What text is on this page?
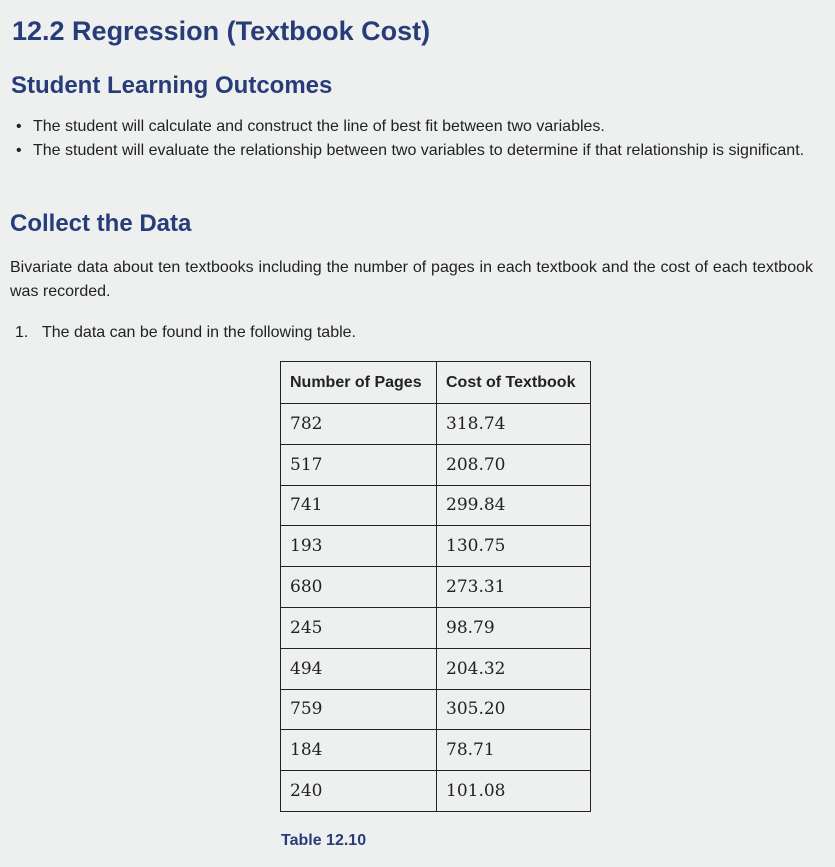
12.2 Regression (Textbook Cost)
Student Learning Outcomes
• The student will calculate and construct the line of best fit between two variables.
• The student will evaluate the relationship between two variables to determine if that relationship is significant.
Collect the Data

Bivariate data about ten textbooks including the number of pages in each textbook and the cost of each textbook was recorded.

1. The data can be found in the following table.

Number of Pages	Cost of Textbook
782	318.74
517	208.70
741	299.84
193	130.75
680	273.31
245	98.79
494	204.32
759	305.20
184	78.71
240	101.08
Table 12.10
